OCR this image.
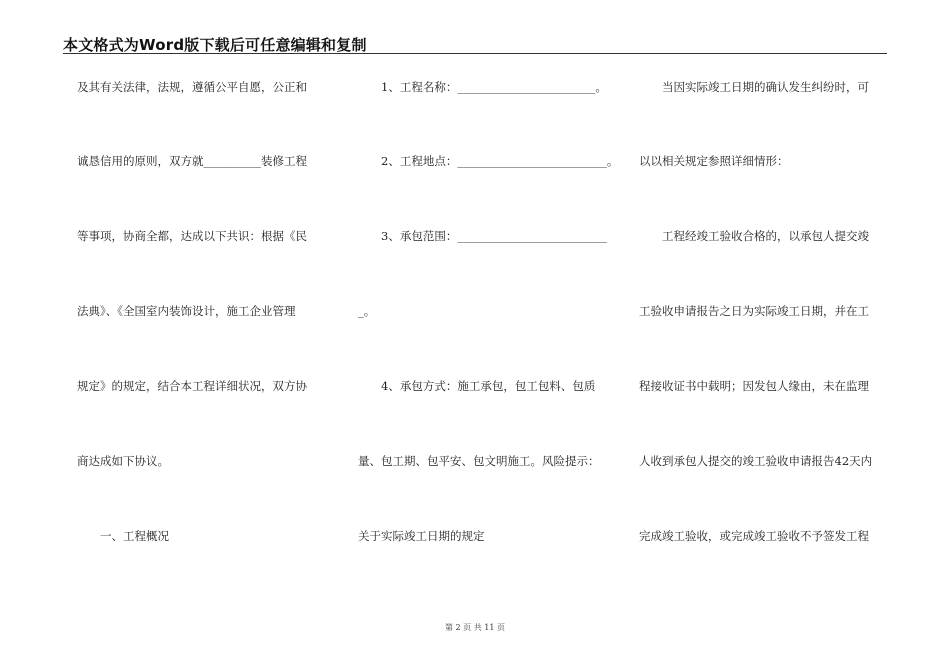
本文格式为Word版下载后可任意编辑和复制
及其有关法律，法规，遵循公平自愿，公正和
诚恳信用的原则，双方就__________装修工程
等事项，协商全都，达成以下共识：根据《民
法典》、《全国室内装饰设计，施工企业管理
规定》的规定，结合本工程详细状况，双方协
商达成如下协议。
　　一、工程概况
　　1、工程名称：________________________。
　　2、工程地点：__________________________。
　　3、承包范围：__________________________
_。
　　4、承包方式：施工承包，包工包料、包质
量、包工期、包平安、包文明施工。风险提示：
关于实际竣工日期的规定
　　当因实际竣工日期的确认发生纠纷时，可
以以相关规定参照详细情形：
　　工程经竣工验收合格的，以承包人提交竣
工验收申请报告之日为实际竣工日期，并在工
程接收证书中载明；因发包人缘由，未在监理
人收到承包人提交的竣工验收申请报告42天内
完成竣工验收，或完成竣工验收不予签发工程
第 2 页 共 11 页
